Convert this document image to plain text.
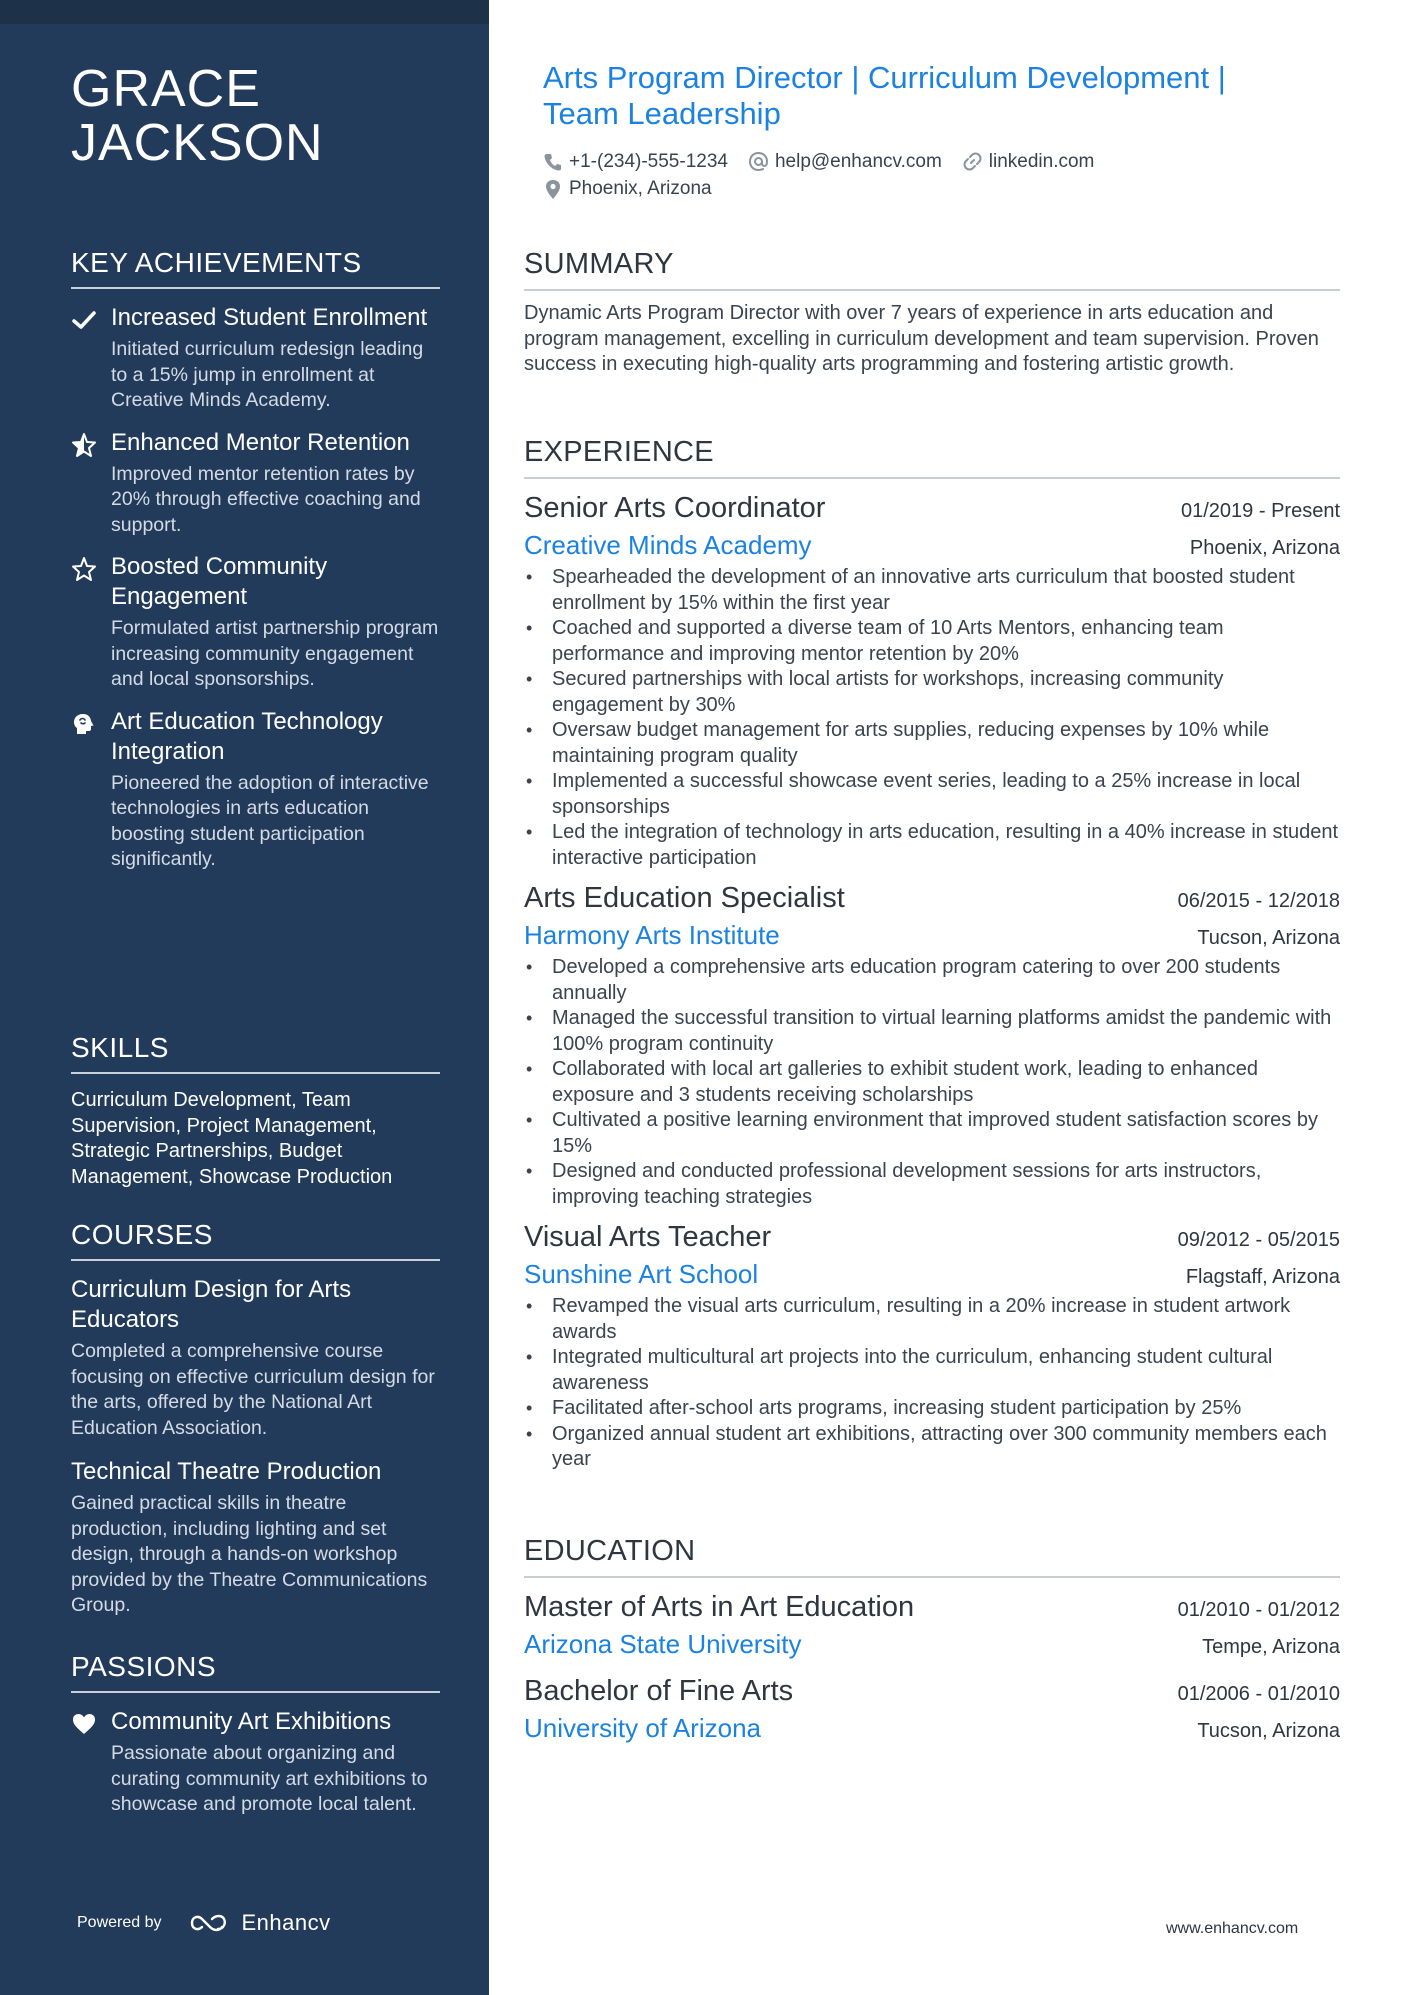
GRACE
JACKSON
KEY ACHIEVEMENTS
Increased Student Enrollment
Initiated curriculum redesign leading to a 15% jump in enrollment at Creative Minds Academy.
Enhanced Mentor Retention
Improved mentor retention rates by 20% through effective coaching and support.
Boosted Community Engagement
Formulated artist partnership program increasing community engagement and local sponsorships.
Art Education Technology Integration
Pioneered the adoption of interactive technologies in arts education boosting student participation significantly.
SKILLS
Curriculum Development, Team Supervision, Project Management, Strategic Partnerships, Budget Management, Showcase Production
COURSES
Curriculum Design for Arts Educators
Completed a comprehensive course focusing on effective curriculum design for the arts, offered by the National Art Education Association.
Technical Theatre Production
Gained practical skills in theatre production, including lighting and set design, through a hands-on workshop provided by the Theatre Communications Group.
PASSIONS
Community Art Exhibitions
Passionate about organizing and curating community art exhibitions to showcase and promote local talent.
Powered by	Enhancv
Arts Program Director | Curriculum Development | Team Leadership
+1-(234)-555-1234 help@enhancv.com linkedin.com
Phoenix, Arizona
SUMMARY
Dynamic Arts Program Director with over 7 years of experience in arts education and program management, excelling in curriculum development and team supervision. Proven success in executing high-quality arts programming and fostering artistic growth.
EXPERIENCE
Senior Arts Coordinator	01/2019 - Present
Creative Minds Academy	Phoenix, Arizona
• Spearheaded the development of an innovative arts curriculum that boosted student enrollment by 15% within the first year
• Coached and supported a diverse team of 10 Arts Mentors, enhancing team performance and improving mentor retention by 20%
• Secured partnerships with local artists for workshops, increasing community engagement by 30%
• Oversaw budget management for arts supplies, reducing expenses by 10% while maintaining program quality
• Implemented a successful showcase event series, leading to a 25% increase in local sponsorships
• Led the integration of technology in arts education, resulting in a 40% increase in student interactive participation
Arts Education Specialist	06/2015 - 12/2018
Harmony Arts Institute	Tucson, Arizona
• Developed a comprehensive arts education program catering to over 200 students annually
• Managed the successful transition to virtual learning platforms amidst the pandemic with 100% program continuity
• Collaborated with local art galleries to exhibit student work, leading to enhanced exposure and 3 students receiving scholarships
• Cultivated a positive learning environment that improved student satisfaction scores by 15%
• Designed and conducted professional development sessions for arts instructors, improving teaching strategies
Visual Arts Teacher	09/2012 - 05/2015
Sunshine Art School	Flagstaff, Arizona
• Revamped the visual arts curriculum, resulting in a 20% increase in student artwork awards
• Integrated multicultural art projects into the curriculum, enhancing student cultural awareness
• Facilitated after-school arts programs, increasing student participation by 25%
• Organized annual student art exhibitions, attracting over 300 community members each year
EDUCATION
Master of Arts in Art Education	01/2010 - 01/2012
Arizona State University	Tempe, Arizona
Bachelor of Fine Arts	01/2006 - 01/2010
University of Arizona	Tucson, Arizona
www.enhancv.com
